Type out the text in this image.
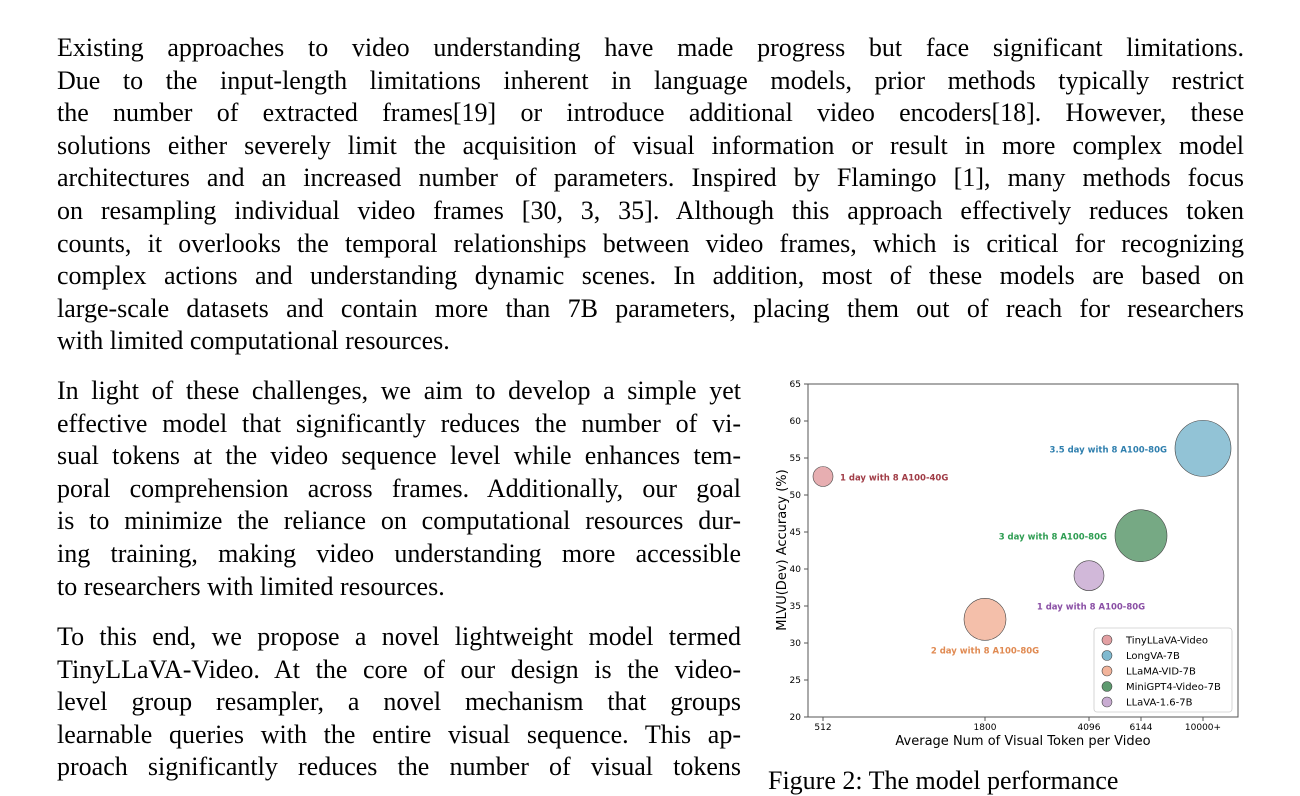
Existing approaches to video understanding have made progress but face significant limitations.
Due to the input-length limitations inherent in language models, prior methods typically restrict
the number of extracted frames[19] or introduce additional video encoders[18]. However, these
solutions either severely limit the acquisition of visual information or result in more complex model
architectures and an increased number of parameters. Inspired by Flamingo [1], many methods focus
on resampling individual video frames [30, 3, 35]. Although this approach effectively reduces token
counts, it overlooks the temporal relationships between video frames, which is critical for recognizing
complex actions and understanding dynamic scenes. In addition, most of these models are based on
large-scale datasets and contain more than 7B parameters, placing them out of reach for researchers
with limited computational resources.
In light of these challenges, we aim to develop a simple yet
effective model that significantly reduces the number of vi-
sual tokens at the video sequence level while enhances tem-
poral comprehension across frames. Additionally, our goal
is to minimize the reliance on computational resources dur-
ing training, making video understanding more accessible
to researchers with limited resources.
To this end, we propose a novel lightweight model termed
TinyLLaVA-Video. At the core of our design is the video-
level group resampler, a novel mechanism that groups
learnable queries with the entire visual sequence. This ap-
proach significantly reduces the number of visual tokens
20
25
30
35
40
45
50
55
60
65
512	1800	4096	6144	10000+
1 day with 8 A100-40G
3.5 day with 8 A100-80G
2 day with 8 A100-80G
3 day with 8 A100-80G
1 day with 8 A100-80G
TinyLLaVA-Video
LongVA-7B
LLaMA-VID-7B
MiniGPT4-Video-7B
LLaVA-1.6-7B
MLVU(Dev) Accuracy (%)
Average Num of Visual Token per Video
Figure 2: The model performance
